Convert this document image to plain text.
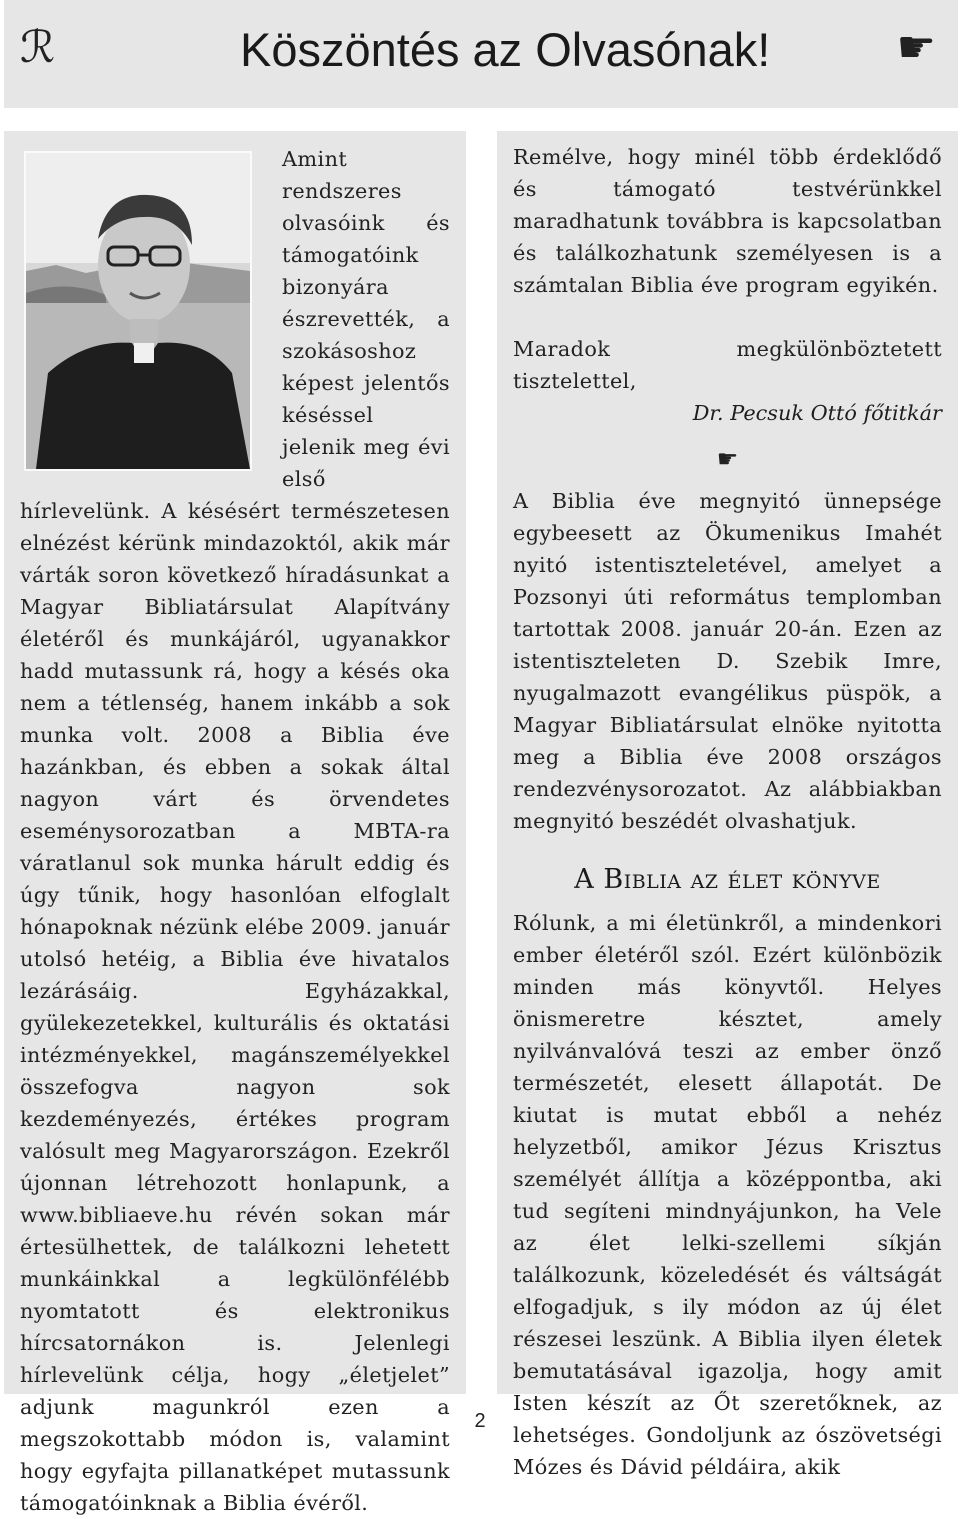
ℛ	Köszöntés az Olvasónak!	☛

Amint rendszeres olvasóink és támogatóink bizonyára észrevették, a szokásoshoz képest jelentős késéssel jelenik meg évi első hírlevelünk. A késésért természetesen elnézést kérünk mindazoktól, akik már várták soron következő híradásunkat a Magyar Bibliatársulat Alapítvány életéről és munkájáról, ugyanakkor hadd mutassunk rá, hogy a késés oka nem a tétlenség, hanem inkább a sok munka volt. 2008 a Biblia éve hazánkban, és ebben a sokak által nagyon várt és örvendetes eseménysorozatban a MBTA-ra váratlanul sok munka hárult eddig és úgy tűnik, hogy hasonlóan elfoglalt hónapoknak nézünk elébe 2009. január utolsó hetéig, a Biblia éve hivatalos lezárásáig. Egyházakkal, gyülekezetekkel, kulturális és oktatási intézményekkel, magánszemélyekkel összefogva nagyon sok kezdeményezés, értékes program valósult meg Magyarországon. Ezekről újonnan létrehozott honlapunk, a www.bibliaeve.hu révén sokan már értesülhettek, de találkozni lehetett munkáinkkal a legkülönfélébb nyomtatott és elektronikus hírcsatornákon is. Jelenlegi hírlevelünk célja, hogy „életjelet” adjunk magunkról ezen a megszokottabb módon is, valamint hogy egyfajta pillanatképet mutassunk támogatóinknak a Biblia évéről.

Remélve, hogy minél több érdeklődő és támogató testvérünkkel maradhatunk továbbra is kapcsolatban és találkozhatunk személyesen is a számtalan Biblia éve program egyikén.

Maradok megkülönböztetett tisztelettel,

Dr. Pecsuk Ottó főtitkár

☛

A Biblia éve megnyitó ünnepsége egybeesett az Ökumenikus Imahét nyitó istentiszteletével, amelyet a Pozsonyi úti református templomban tartottak 2008. január 20-án. Ezen az istentiszteleten D. Szebik Imre, nyugalmazott evangélikus püspök, a Magyar Bibliatársulat elnöke nyitotta meg a Biblia éve 2008 országos rendezvénysorozatot. Az alábbiakban megnyitó beszédét olvashatjuk.

A Biblia az élet könyve

Rólunk, a mi életünkről, a mindenkori ember életéről szól. Ezért különbözik minden más könyvtől. Helyes önismeretre késztet, amely nyilvánvalóvá teszi az ember önző természetét, elesett állapotát. De kiutat is mutat ebből a nehéz helyzetből, amikor Jézus Krisztus személyét állítja a középpontba, aki tud segíteni mindnyájunkon, ha Vele az élet lelki-szellemi síkján találkozunk, közeledését és váltságát elfogadjuk, s ily módon az új élet részesei leszünk. A Biblia ilyen életek bemutatásával igazolja, hogy amit Isten készít az Őt szeretőknek, az lehetséges. Gondoljunk az ószövetségi Mózes és Dávid példáira, akik

2
